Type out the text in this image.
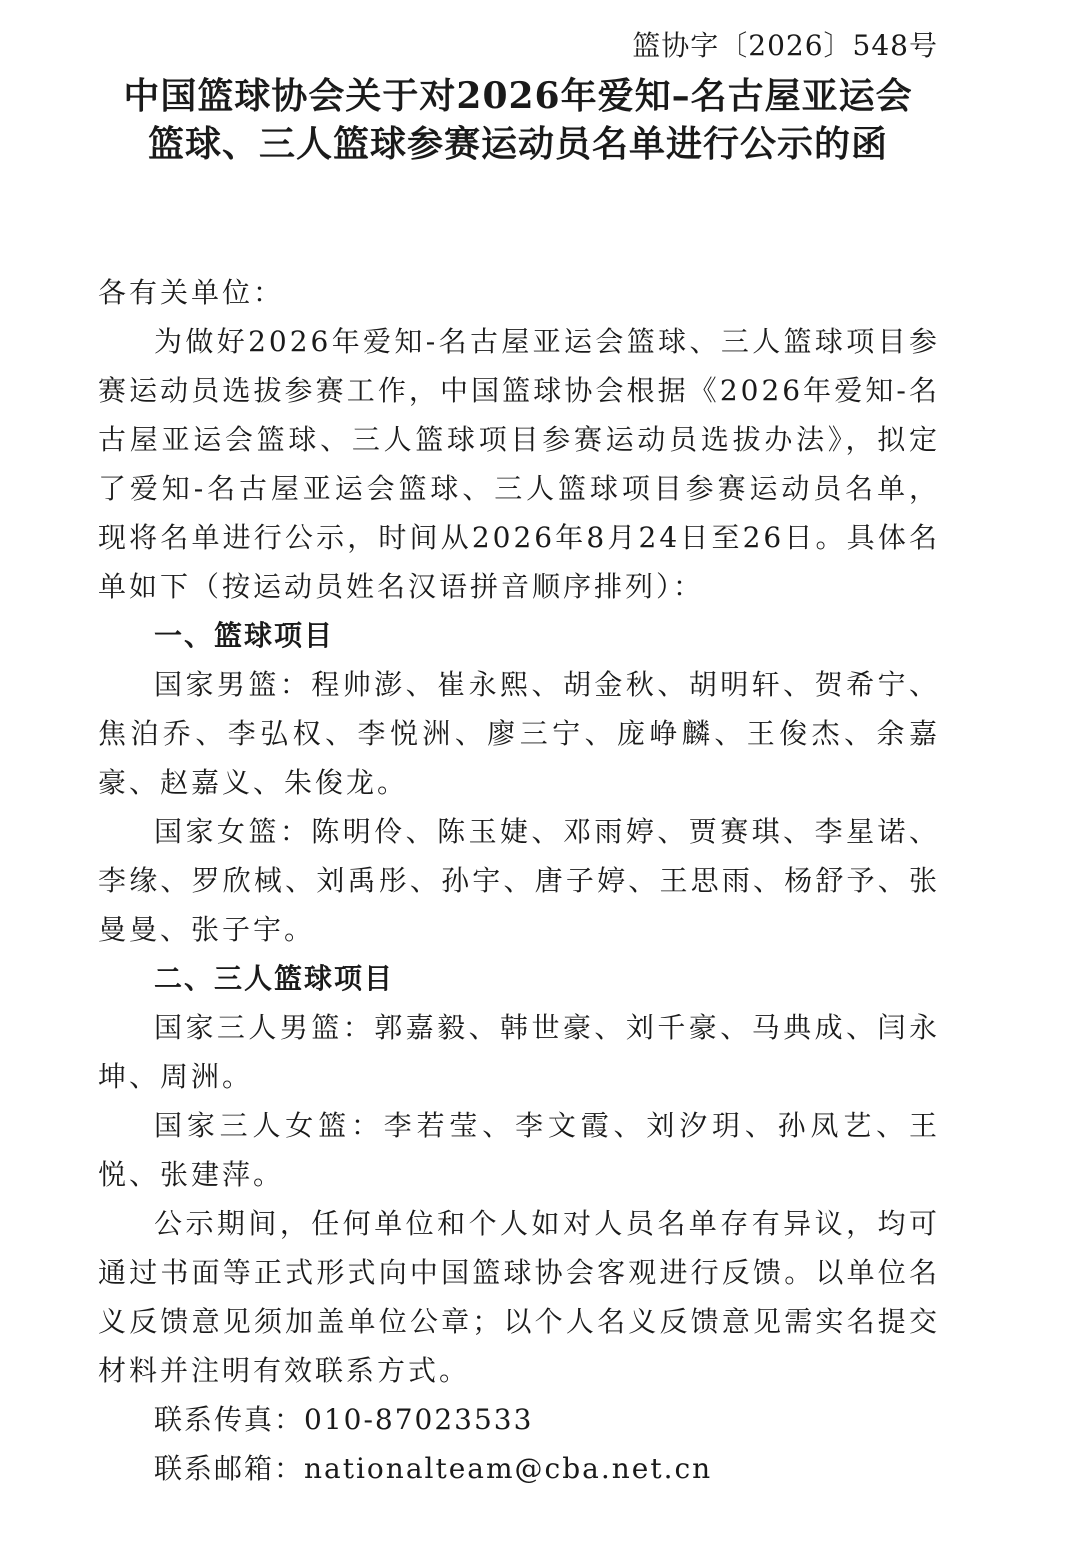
篮协字〔2026〕548号
中国篮球协会关于对2026年爱知–名古屋亚运会
篮球、三人篮球参赛运动员名单进行公示的函

各有关单位：

为做好2026年爱知-名古屋亚运会篮球、三人篮球项目参赛运动员选拔参赛工作，中国篮球协会根据《2026年爱知-名古屋亚运会篮球、三人篮球项目参赛运动员选拔办法》，拟定了爱知-名古屋亚运会篮球、三人篮球项目参赛运动员名单，现将名单进行公示，时间从2026年8月24日至26日。具体名单如下（按运动员姓名汉语拼音顺序排列）：

一、篮球项目

国家男篮：程帅澎、崔永熙、胡金秋、胡明轩、贺希宁、焦泊乔、李弘权、李悦洲、廖三宁、庞峥麟、王俊杰、余嘉豪、赵嘉义、朱俊龙。

国家女篮：陈明伶、陈玉婕、邓雨婷、贾赛琪、李星诺、李缘、罗欣棫、刘禹彤、孙宇、唐子婷、王思雨、杨舒予、张曼曼、张子宇。

二、三人篮球项目

国家三人男篮：郭嘉毅、韩世豪、刘千豪、马典成、闫永坤、周洲。

国家三人女篮：李若莹、李文霞、刘汐玥、孙凤艺、王悦、张建萍。

公示期间，任何单位和个人如对人员名单存有异议，均可通过书面等正式形式向中国篮球协会客观进行反馈。以单位名义反馈意见须加盖单位公章；以个人名义反馈意见需实名提交材料并注明有效联系方式。

联系传真：010-87023533

联系邮箱：nationalteam@cba.net.cn
